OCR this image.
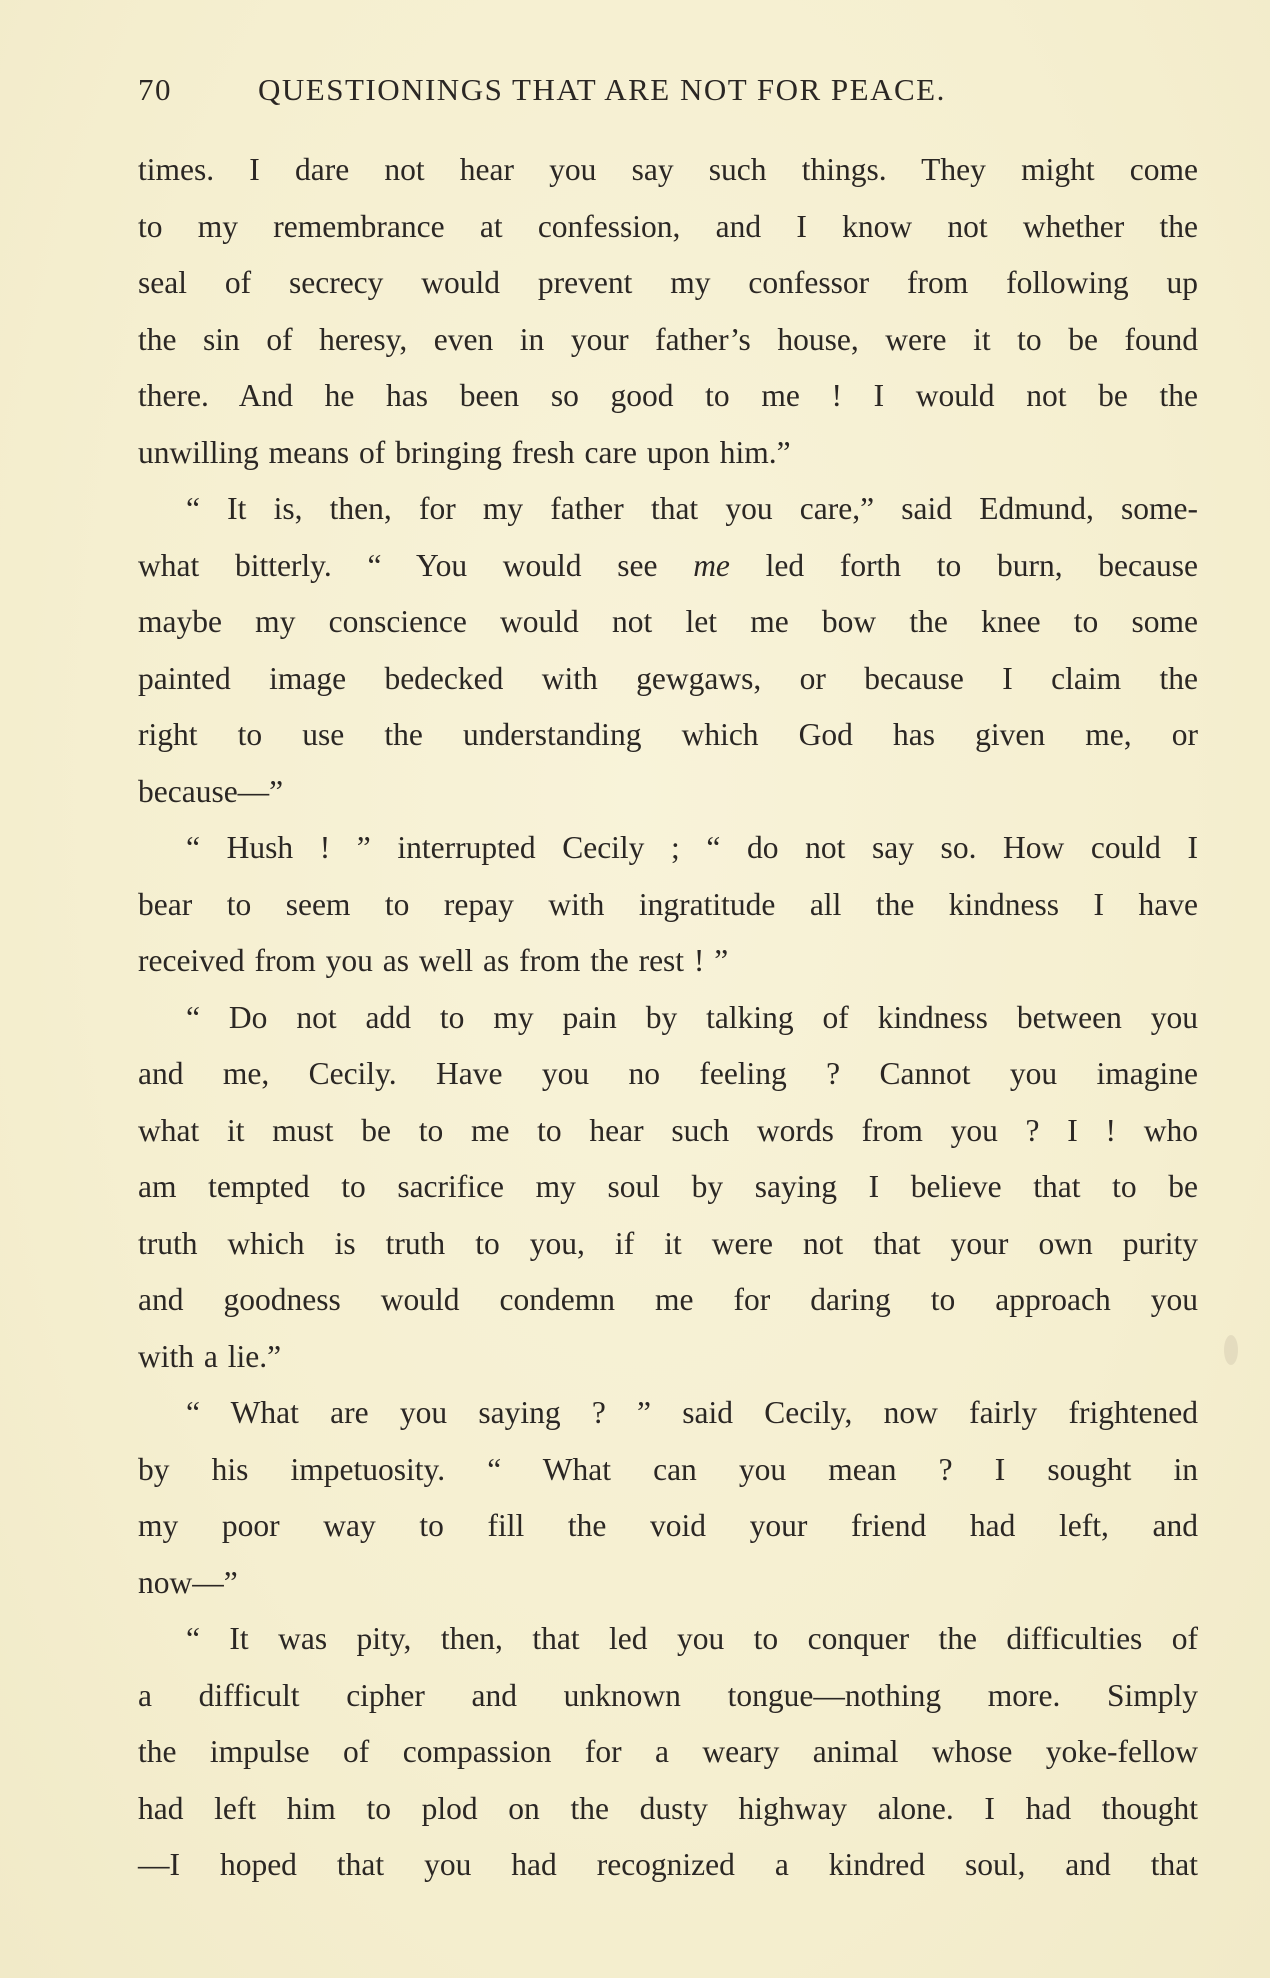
70	QUESTIONINGS THAT ARE NOT FOR PEACE.
times. I dare not hear you say such things. They might come
to my remembrance at confession, and I know not whether the
seal of secrecy would prevent my confessor from following up
the sin of heresy, even in your father’s house, were it to be found
there. And he has been so good to me ! I would not be the
unwilling means of bringing fresh care upon him.”
“ It is, then, for my father that you care,” said Edmund, some-
what bitterly. “ You would see me led forth to burn, because
maybe my conscience would not let me bow the knee to some
painted image bedecked with gewgaws, or because I claim the
right to use the understanding which God has given me, or
because—”
“ Hush ! ” interrupted Cecily ; “ do not say so. How could I
bear to seem to repay with ingratitude all the kindness I have
received from you as well as from the rest ! ”
“ Do not add to my pain by talking of kindness between you
and me, Cecily. Have you no feeling ? Cannot you imagine
what it must be to me to hear such words from you ? I ! who
am tempted to sacrifice my soul by saying I believe that to be
truth which is truth to you, if it were not that your own purity
and goodness would condemn me for daring to approach you
with a lie.”
“ What are you saying ? ” said Cecily, now fairly frightened
by his impetuosity. “ What can you mean ? I sought in
my poor way to fill the void your friend had left, and
now—”
“ It was pity, then, that led you to conquer the difficulties of
a difficult cipher and unknown tongue—nothing more. Simply
the impulse of compassion for a weary animal whose yoke-fellow
had left him to plod on the dusty highway alone. I had thought
—I hoped that you had recognized a kindred soul, and that
